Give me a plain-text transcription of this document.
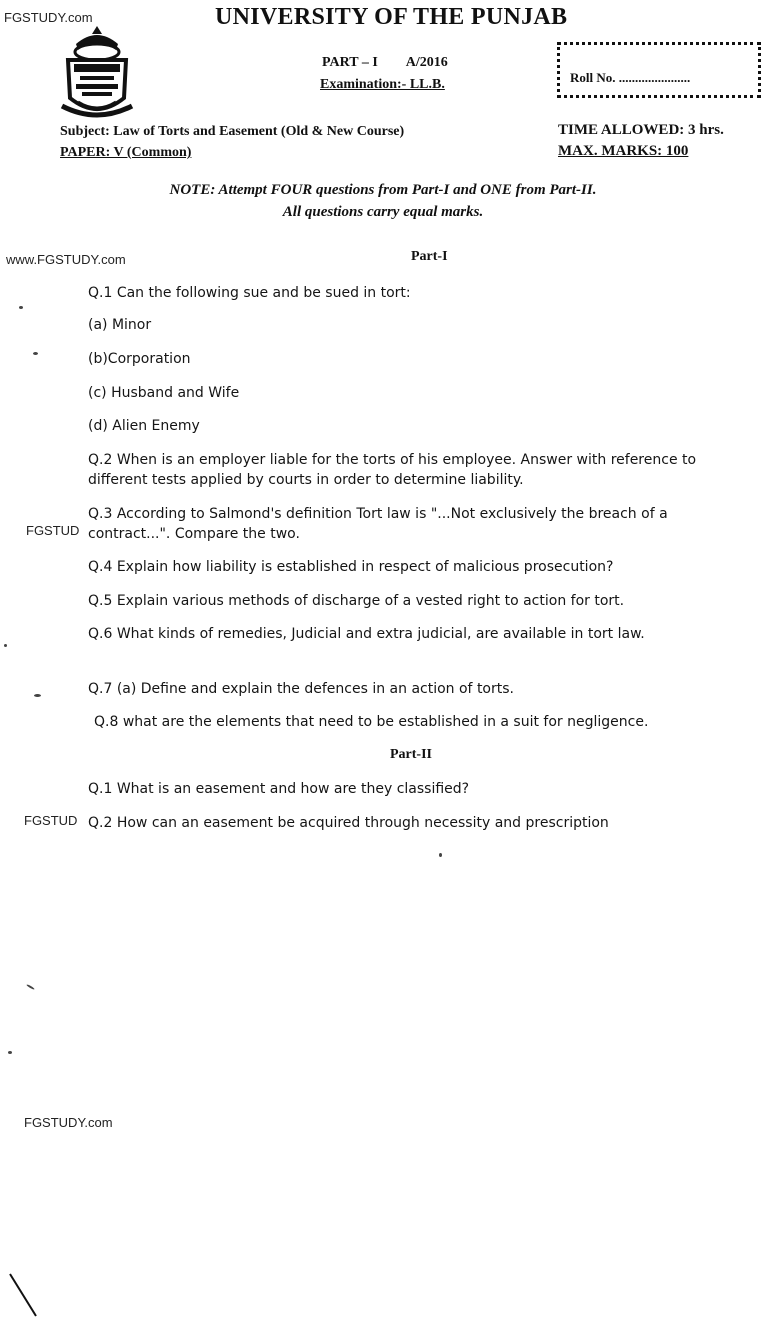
FGSTUDY.com
www.FGSTUDY.com
FGSTUD
FGSTUD
FGSTUDY.com
UNIVERSITY OF THE PUNJAB
PART – I A/2016
Examination:- LL.B.	Roll No. ......................
Subject: Law of Torts and Easement (Old & New Course)
PAPER: V (Common)
TIME ALLOWED: 3 hrs.
MAX. MARKS: 100
NOTE: Attempt FOUR questions from Part-I and ONE from Part-II.
All questions carry equal marks.
Part-I
Q.1 Can the following sue and be sued in tort:
(a) Minor
(b)Corporation
(c) Husband and Wife
(d) Alien Enemy
Q.2 When is an employer liable for the torts of his employee. Answer with reference to different tests applied by courts in order to determine liability.
Q.3 According to Salmond's definition Tort law is "...Not exclusively the breach of a contract...". Compare the two.
Q.4 Explain how liability is established in respect of malicious prosecution?
Q.5 Explain various methods of discharge of a vested right to action for tort.
Q.6 What kinds of remedies, Judicial and extra judicial, are available in tort law.
Q.7 (a) Define and explain the defences in an action of torts.
Q.8 what are the elements that need to be established in a suit for negligence.
Part-II
Q.1 What is an easement and how are they classified?
Q.2 How can an easement be acquired through necessity and prescription
